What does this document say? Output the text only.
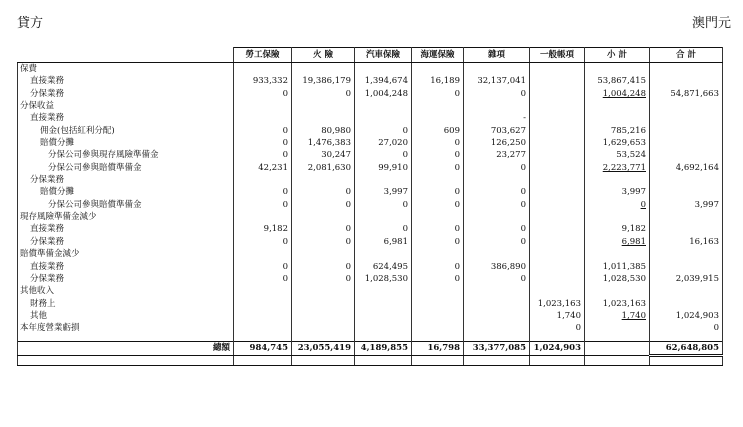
貸方	澳門元
	勞工保險	火 險	汽車保險	海運保險	雜項	一般帳項	小 計	合 計
保費								
直接業務	933,332	19,386,179	1,394,674	16,189	32,137,041		53,867,415	
分保業務	0	0	1,004,248	0	0		1,004,248	54,871,663
分保收益								
直接業務					-			
佣金(包括紅利分配)	0	80,980	0	609	703,627		785,216	
賠償分攤	0	1,476,383	27,020	0	126,250		1,629,653	
分保公司參與現存風險準備金	0	30,247	0	0	23,277		53,524	
分保公司參與賠償準備金	42,231	2,081,630	99,910	0	0		2,223,771	4,692,164
分保業務								
賠償分攤	0	0	3,997	0	0		3,997	
分保公司參與賠償準備金	0	0	0	0	0		0	3,997
現存風險準備金減少								
直接業務	9,182	0	0	0	0		9,182	
分保業務	0	0	6,981	0	0		6,981	16,163
賠償準備金減少								
直接業務	0	0	624,495	0	386,890		1,011,385	
分保業務	0	0	1,028,530	0	0		1,028,530	2,039,915
其他收入								
財務上						1,023,163	1,023,163	
其他						1,740	1,740	1,024,903
本年度營業虧損						0		0

總額	984,745	23,055,419	4,189,855	16,798	33,377,085	1,024,903		62,648,805
